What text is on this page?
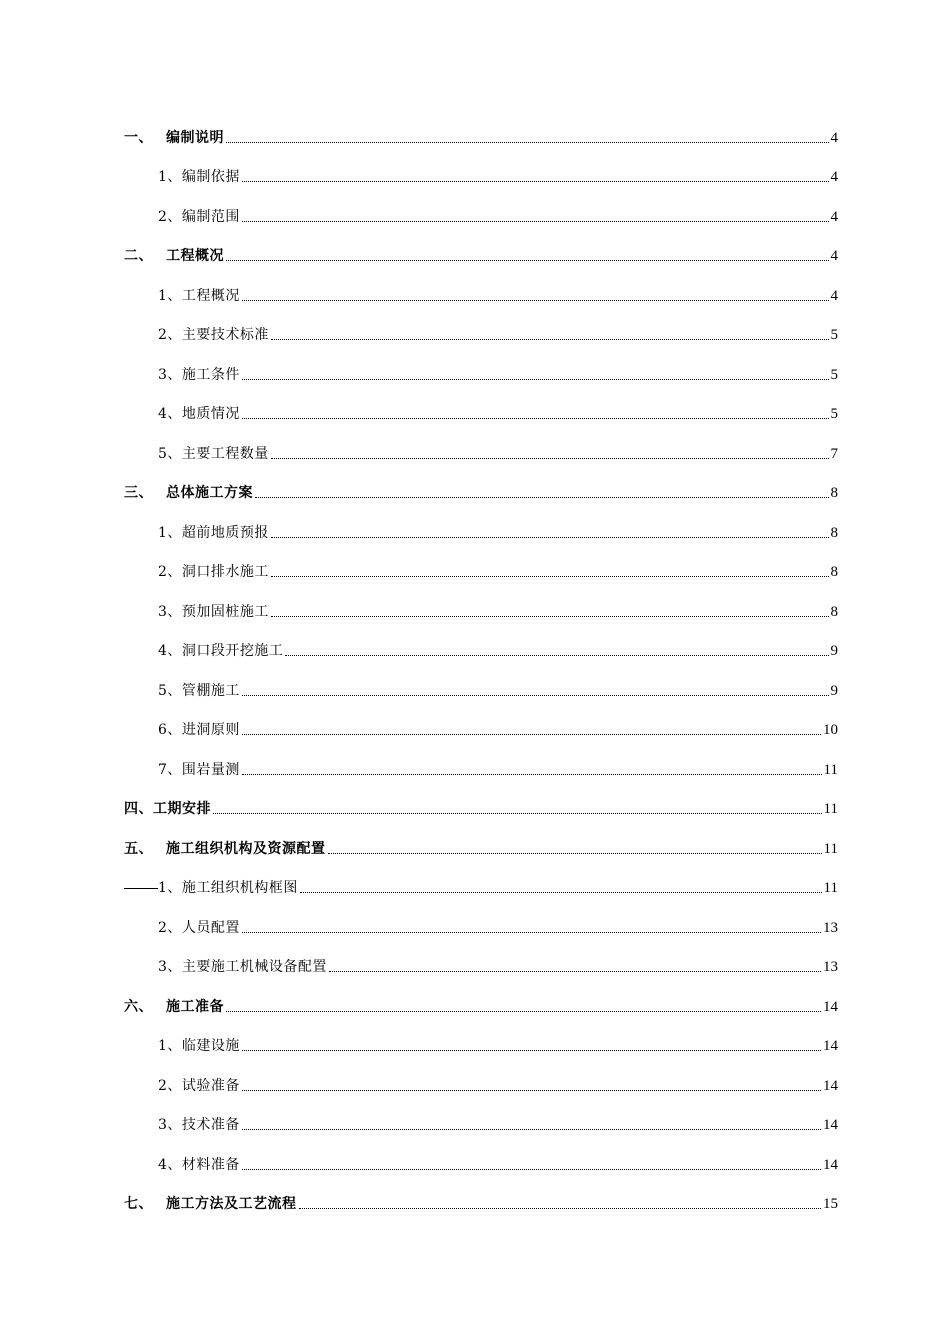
一、 编制说明	4
1、编制依据	4
2、编制范围	4
二、 工程概况	4
1、工程概况	4
2、主要技术标准	5
3、施工条件	5
4、地质情况	5
5、主要工程数量	7
三、 总体施工方案	8
1、超前地质预报	8
2、洞口排水施工	8
3、预加固桩施工	8
4、洞口段开挖施工	9
5、管棚施工	9
6、进洞原则	10
7、围岩量测	11
四、工期安排	11
五、 施工组织机构及资源配置	11
1、施工组织机构框图	11
2、人员配置	13
3、主要施工机械设备配置	13
六、 施工准备	14
1、临建设施	14
2、试验准备	14
3、技术准备	14
4、材料准备	14
七、 施工方法及工艺流程	15
